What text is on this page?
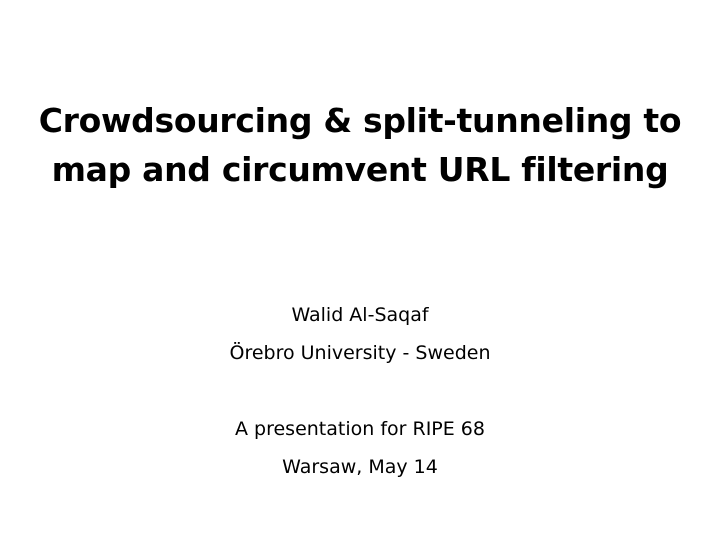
Crowdsourcing & split-tunneling to
map and circumvent URL filtering
Walid Al-Saqaf
Örebro University - Sweden
A presentation for RIPE 68
Warsaw, May 14
